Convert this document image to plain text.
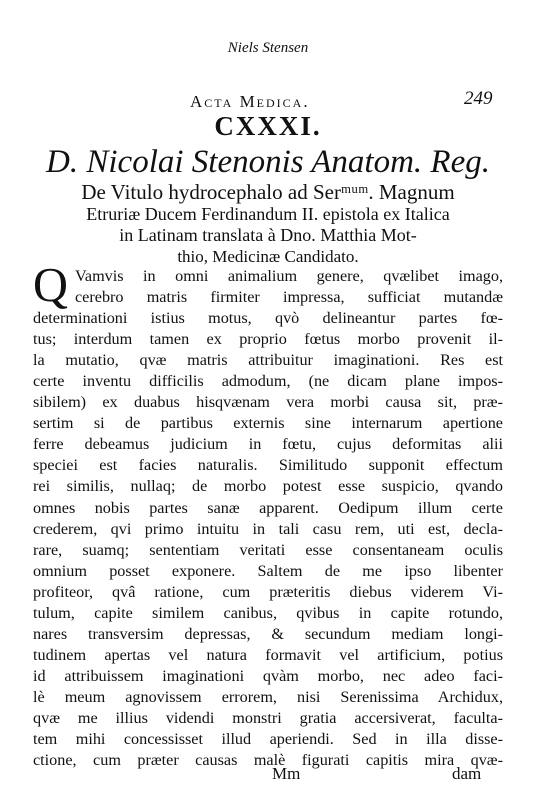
Niels Stensen
Acta Medica.	249
CXXXI.
D. Nicolai Stenonis Anatom. Reg.
De Vitulo hydrocephalo ad Serᵐᵘᵐ. Magnum
Etruriæ Ducem Ferdinandum II. epistola ex Italica
in Latinam translata à Dno. Matthia Mot-
thio, Medicinæ Candidato.
Q Vamvis in omni animalium genere, qvælibet imago,
cerebro matris firmiter impressa, sufficiat mutandæ
determinationi istius motus, qvò delineantur partes fœ-
tus; interdum tamen ex proprio fœtus morbo provenit il-
la mutatio, qvæ matris attribuitur imaginationi. Res est
certe inventu difficilis admodum, (ne dicam plane impos-
sibilem) ex duabus hisqvænam vera morbi causa sit, præ-
sertim si de partibus externis sine internarum apertione
ferre debeamus judicium in fœtu, cujus deformitas alii
speciei est facies naturalis. Similitudo supponit effectum
rei similis, nullaq; de morbo potest esse suspicio, qvando
omnes nobis partes sanæ apparent. Oedipum illum certe
crederem, qvi primo intuitu in tali casu rem, uti est, decla-
rare, suamq; sententiam veritati esse consentaneam oculis
omnium posset exponere. Saltem de me ipso libenter
profiteor, qvâ ratione, cum præteritis diebus viderem Vi-
tulum, capite similem canibus, qvibus in capite rotundo,
nares transversim depressas, & secundum mediam longi-
tudinem apertas vel natura formavit vel artificium, potius
id attribuissem imaginationi qvàm morbo, nec adeo faci-
lè meum agnovissem errorem, nisi Serenissima Archidux,
qvæ me illius videndi monstri gratia accersiverat, faculta-
tem mihi concessisset illud aperiendi. Sed in illa disse-
ctione, cum præter causas malè figurati capitis mira qvæ-
Mm	dam
